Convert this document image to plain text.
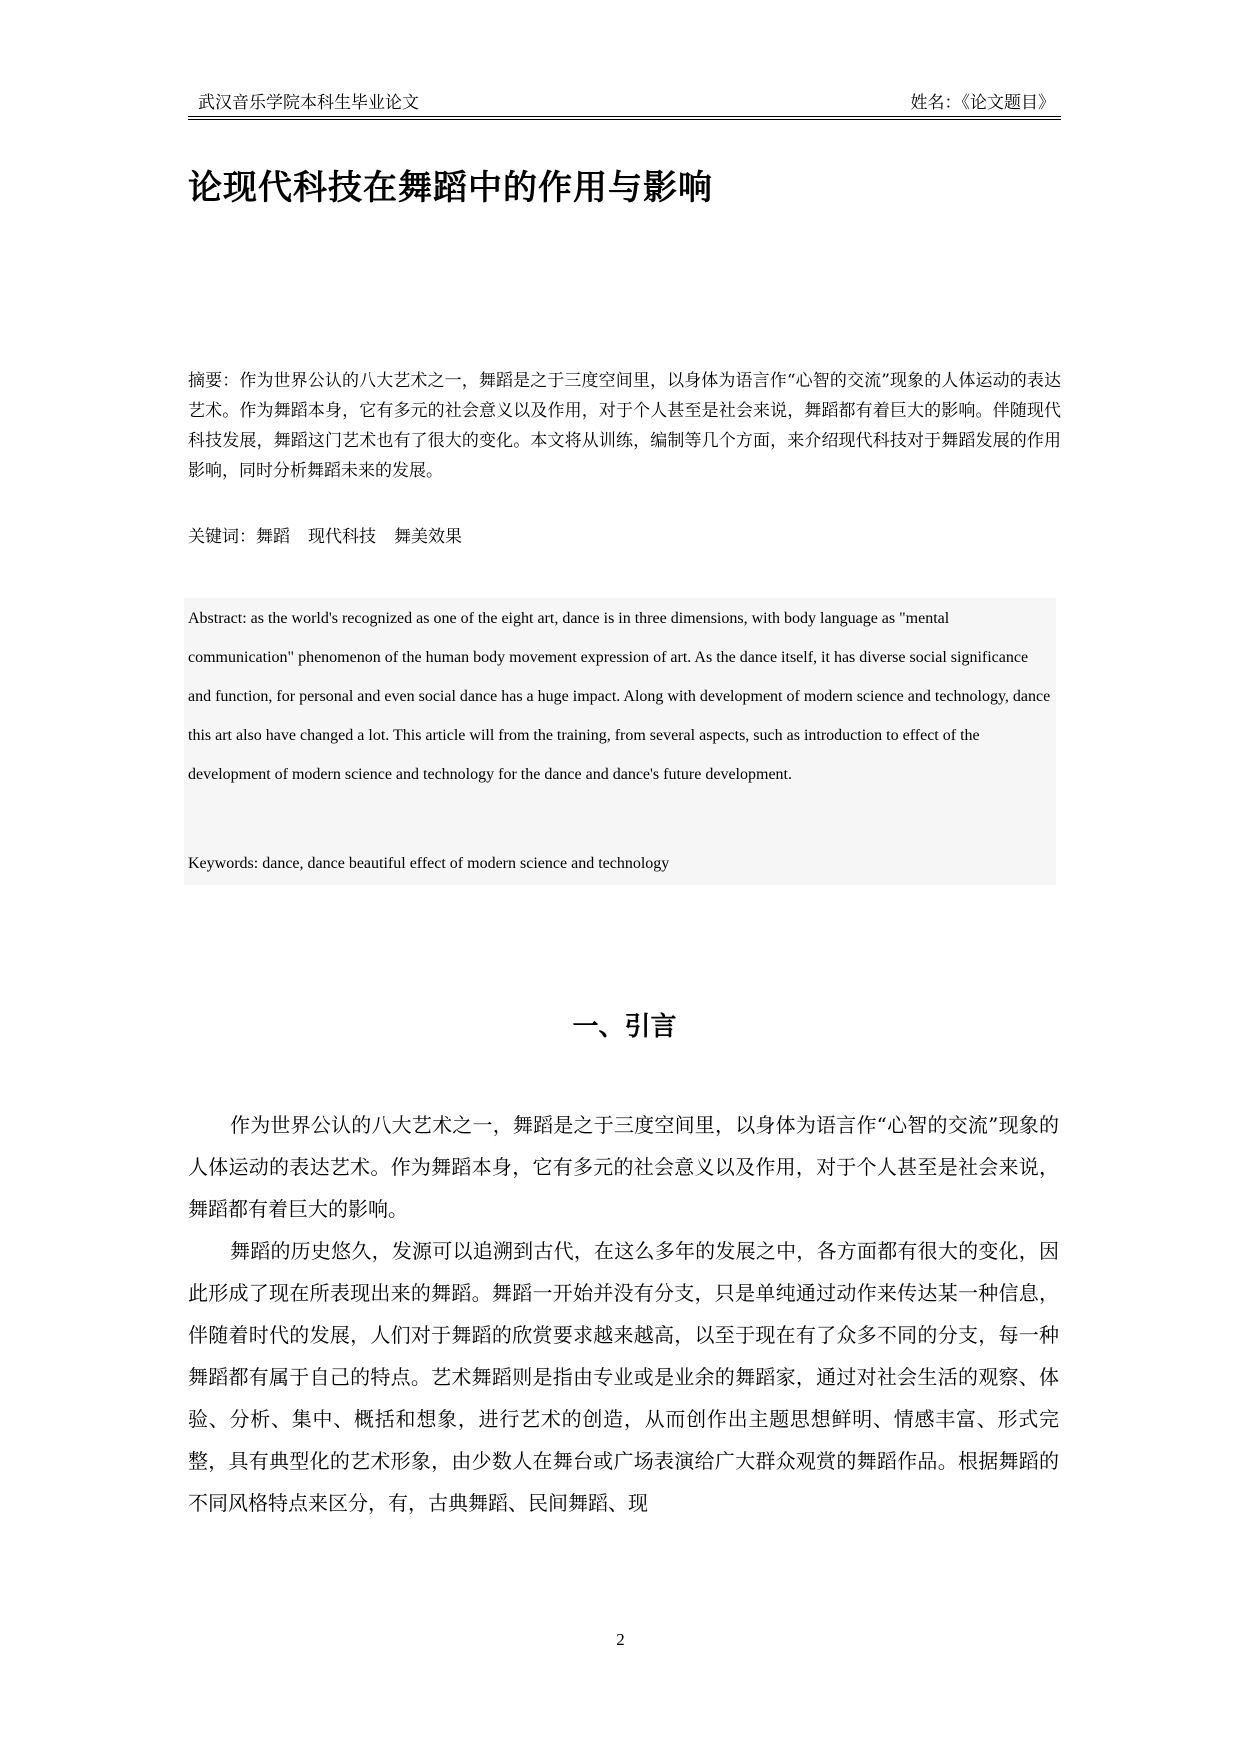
武汉音乐学院本科生毕业论文	姓名：《论文题目》
论现代科技在舞蹈中的作用与影响

摘要：作为世界公认的八大艺术之一，舞蹈是之于三度空间里，以身体为语言作“心智的交流”现象的人体运动的表达艺术。作为舞蹈本身，它有多元的社会意义以及作用，对于个人甚至是社会来说，舞蹈都有着巨大的影响。伴随现代科技发展，舞蹈这门艺术也有了很大的变化。本文将从训练，编制等几个方面，来介绍现代科技对于舞蹈发展的作用影响，同时分析舞蹈未来的发展。

关键词：舞蹈 现代科技 舞美效果

Abstract: as the world's recognized as one of the eight art, dance is in three dimensions, with body language as "mental communication" phenomenon of the human body movement expression of art. As the dance itself, it has diverse social significance and function, for personal and even social dance has a huge impact. Along with development of modern science and technology, dance this art also have changed a lot. This article will from the training, from several aspects, such as introduction to effect of the development of modern science and technology for the dance and dance's future development.

Keywords: dance, dance beautiful effect of modern science and technology

一、引言

作为世界公认的八大艺术之一，舞蹈是之于三度空间里，以身体为语言作“心智的交流”现象的人体运动的表达艺术。作为舞蹈本身，它有多元的社会意义以及作用，对于个人甚至是社会来说，舞蹈都有着巨大的影响。

舞蹈的历史悠久，发源可以追溯到古代，在这么多年的发展之中，各方面都有很大的变化，因此形成了现在所表现出来的舞蹈。舞蹈一开始并没有分支，只是单纯通过动作来传达某一种信息，伴随着时代的发展，人们对于舞蹈的欣赏要求越来越高，以至于现在有了众多不同的分支，每一种舞蹈都有属于自己的特点。艺术舞蹈则是指由专业或是业余的舞蹈家，通过对社会生活的观察、体验、分析、集中、概括和想象，进行艺术的创造，从而创作出主题思想鲜明、情感丰富、形式完整，具有典型化的艺术形象，由少数人在舞台或广场表演给广大群众观赏的舞蹈作品。根据舞蹈的不同风格特点来区分，有，古典舞蹈、民间舞蹈、现

2
